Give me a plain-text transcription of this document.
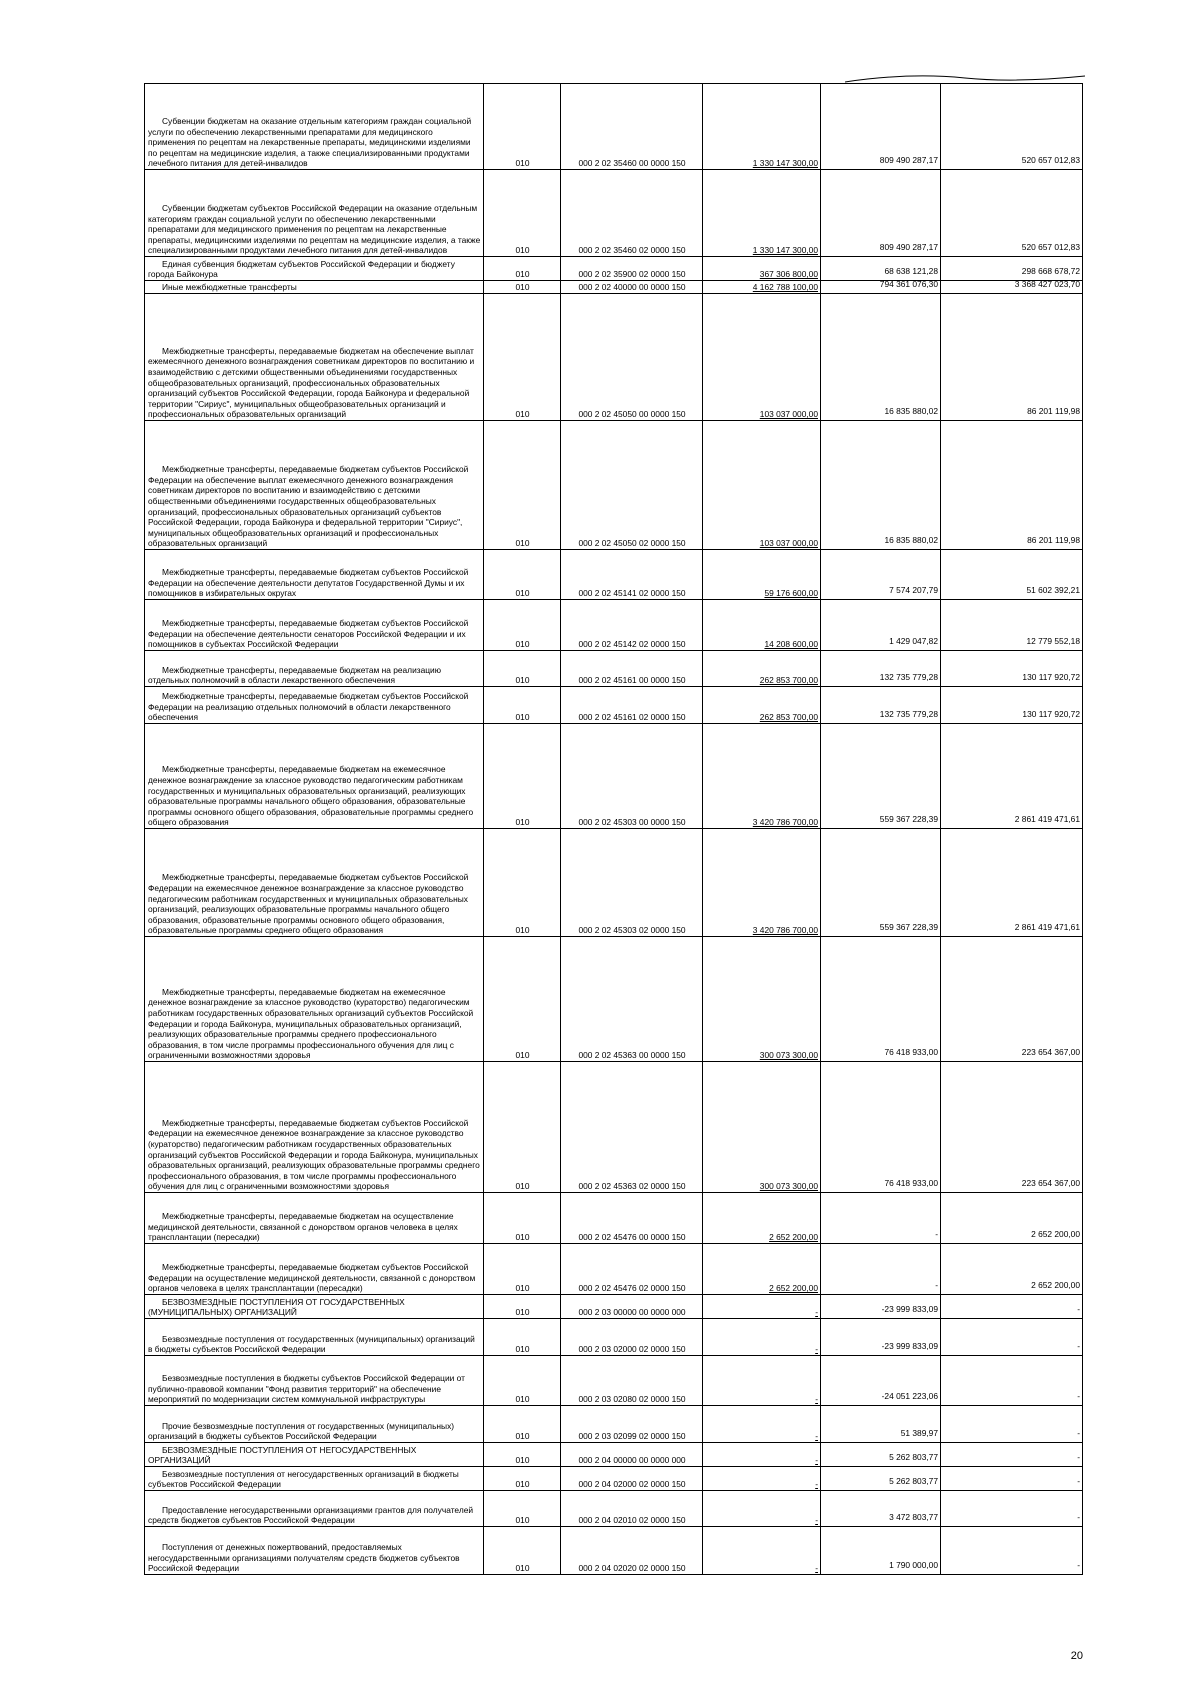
Субвенции бюджетам на оказание отдельным категориям граждан социальной услуги по обеспечению лекарственными препаратами для медицинского применения по рецептам на лекарственные препараты, медицинскими изделиями по рецептам на медицинские изделия, а также специализированными продуктами лечебного питания для детей-инвалидов	010	000 2 02 35460 00 0000 150	1 330 147 300,00	809 490 287,17	520 657 012,83

Субвенции бюджетам субъектов Российской Федерации на оказание отдельным категориям граждан социальной услуги по обеспечению лекарственными препаратами для медицинского применения по рецептам на лекарственные препараты, медицинскими изделиями по рецептам на медицинские изделия, а также специализированными продуктами лечебного питания для детей-инвалидов	010	000 2 02 35460 02 0000 150	1 330 147 300,00	809 490 287,17	520 657 012,83

Единая субвенция бюджетам субъектов Российской Федерации и бюджету города Байконура	010	000 2 02 35900 02 0000 150	367 306 800,00	68 638 121,28	298 668 678,72

Иные межбюджетные трансферты	010	000 2 02 40000 00 0000 150	4 162 788 100,00	794 361 076,30	3 368 427 023,70

Межбюджетные трансферты, передаваемые бюджетам на обеспечение выплат ежемесячного денежного вознаграждения советникам директоров по воспитанию и взаимодействию с детскими общественными объединениями государственных общеобразовательных организаций, профессиональных образовательных организаций субъектов Российской Федерации, города Байконура и федеральной территории "Сириус", муниципальных общеобразовательных организаций и профессиональных образовательных организаций	010	000 2 02 45050 00 0000 150	103 037 000,00	16 835 880,02	86 201 119,98

Межбюджетные трансферты, передаваемые бюджетам субъектов Российской Федерации на обеспечение выплат ежемесячного денежного вознаграждения советникам директоров по воспитанию и взаимодействию с детскими общественными объединениями государственных общеобразовательных организаций, профессиональных образовательных организаций субъектов Российской Федерации, города Байконура и федеральной территории "Сириус", муниципальных общеобразовательных организаций и профессиональных образовательных организаций	010	000 2 02 45050 02 0000 150	103 037 000,00	16 835 880,02	86 201 119,98

Межбюджетные трансферты, передаваемые бюджетам субъектов Российской Федерации на обеспечение деятельности депутатов Государственной Думы и их помощников в избирательных округах	010	000 2 02 45141 02 0000 150	59 176 600,00	7 574 207,79	51 602 392,21

Межбюджетные трансферты, передаваемые бюджетам субъектов Российской Федерации на обеспечение деятельности сенаторов Российской Федерации и их помощников в субъектах Российской Федерации	010	000 2 02 45142 02 0000 150	14 208 600,00	1 429 047,82	12 779 552,18

Межбюджетные трансферты, передаваемые бюджетам на реализацию отдельных полномочий в области лекарственного обеспечения	010	000 2 02 45161 00 0000 150	262 853 700,00	132 735 779,28	130 117 920,72

Межбюджетные трансферты, передаваемые бюджетам субъектов Российской Федерации на реализацию отдельных полномочий в области лекарственного обеспечения	010	000 2 02 45161 02 0000 150	262 853 700,00	132 735 779,28	130 117 920,72

Межбюджетные трансферты, передаваемые бюджетам на ежемесячное денежное вознаграждение за классное руководство педагогическим работникам государственных и муниципальных образовательных организаций, реализующих образовательные программы начального общего образования, образовательные программы основного общего образования, образовательные программы среднего общего образования	010	000 2 02 45303 00 0000 150	3 420 786 700,00	559 367 228,39	2 861 419 471,61

Межбюджетные трансферты, передаваемые бюджетам субъектов Российской Федерации на ежемесячное денежное вознаграждение за классное руководство педагогическим работникам государственных и муниципальных образовательных организаций, реализующих образовательные программы начального общего образования, образовательные программы основного общего образования, образовательные программы среднего общего образования	010	000 2 02 45303 02 0000 150	3 420 786 700,00	559 367 228,39	2 861 419 471,61

Межбюджетные трансферты, передаваемые бюджетам на ежемесячное денежное вознаграждение за классное руководство (кураторство) педагогическим работникам государственных образовательных организаций субъектов Российской Федерации и города Байконура, муниципальных образовательных организаций, реализующих образовательные программы среднего профессионального образования, в том числе программы профессионального обучения для лиц с ограниченными возможностями здоровья	010	000 2 02 45363 00 0000 150	300 073 300,00	76 418 933,00	223 654 367,00

Межбюджетные трансферты, передаваемые бюджетам субъектов Российской Федерации на ежемесячное денежное вознаграждение за классное руководство (кураторство) педагогическим работникам государственных образовательных организаций субъектов Российской Федерации и города Байконура, муниципальных образовательных организаций, реализующих образовательные программы среднего профессионального образования, в том числе программы профессионального обучения для лиц с ограниченными возможностями здоровья	010	000 2 02 45363 02 0000 150	300 073 300,00	76 418 933,00	223 654 367,00

Межбюджетные трансферты, передаваемые бюджетам на осуществление медицинской деятельности, связанной с донорством органов человека в целях трансплантации (пересадки)	010	000 2 02 45476 00 0000 150	2 652 200,00	-	2 652 200,00

Межбюджетные трансферты, передаваемые бюджетам субъектов Российской Федерации на осуществление медицинской деятельности, связанной с донорством органов человека в целях трансплантации (пересадки)	010	000 2 02 45476 02 0000 150	2 652 200,00	-	2 652 200,00

БЕЗВОЗМЕЗДНЫЕ ПОСТУПЛЕНИЯ ОТ ГОСУДАРСТВЕННЫХ (МУНИЦИПАЛЬНЫХ) ОРГАНИЗАЦИЙ	010	000 2 03 00000 00 0000 000	-	-23 999 833,09	-

Безвозмездные поступления от государственных (муниципальных) организаций в бюджеты субъектов Российской Федерации	010	000 2 03 02000 02 0000 150	-	-23 999 833,09	-

Безвозмездные поступления в бюджеты субъектов Российской Федерации от публично-правовой компании "Фонд развития территорий" на обеспечение мероприятий по модернизации систем коммунальной инфраструктуры	010	000 2 03 02080 02 0000 150	-	-24 051 223,06	-

Прочие безвозмездные поступления от государственных (муниципальных) организаций в бюджеты субъектов Российской Федерации	010	000 2 03 02099 02 0000 150	-	51 389,97	-

БЕЗВОЗМЕЗДНЫЕ ПОСТУПЛЕНИЯ ОТ НЕГОСУДАРСТВЕННЫХ ОРГАНИЗАЦИЙ	010	000 2 04 00000 00 0000 000	-	5 262 803,77	-

Безвозмездные поступления от негосударственных организаций в бюджеты субъектов Российской Федерации	010	000 2 04 02000 02 0000 150	-	5 262 803,77	-

Предоставление негосударственными организациями грантов для получателей средств бюджетов субъектов Российской Федерации	010	000 2 04 02010 02 0000 150	-	3 472 803,77	-

Поступления от денежных пожертвований, предоставляемых негосударственными организациями получателям средств бюджетов субъектов Российской Федерации	010	000 2 04 02020 02 0000 150	-	1 790 000,00	-
20
